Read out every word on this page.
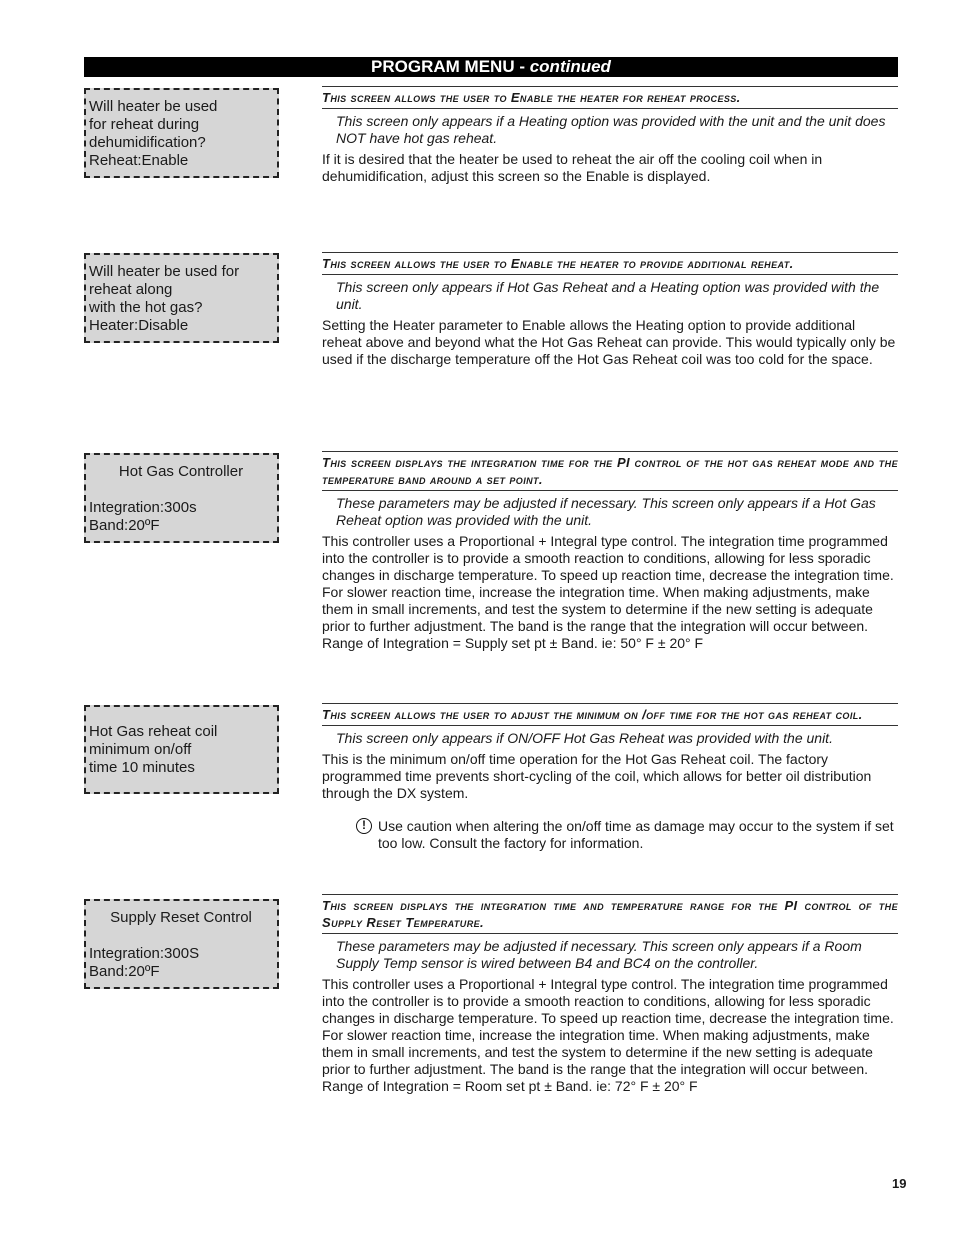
PROGRAM MENU - continued
Will heater be used
for reheat during
dehumidification?
Reheat:Enable
Will heater be used for
reheat along
with the hot gas?
Heater:Disable
Hot Gas Controller
Integration:300s
Band:20ºF
Hot Gas reheat coil
minimum on/off
time 10 minutes
Supply Reset Control
Integration:300S
Band:20ºF
This screen allows the user to Enable the heater for reheat process.
This screen only appears if a Heating option was provided with the unit and the unit does NOT have hot gas reheat.

If it is desired that the heater be used to reheat the air off the cooling coil when in dehumidification, adjust this screen so the Enable is displayed.

This screen allows the user to Enable the heater to provide additional reheat.
This screen only appears if Hot Gas Reheat and a Heating option was provided with the unit.

Setting the Heater parameter to Enable allows the Heating option to provide additional reheat above and beyond what the Hot Gas Reheat can provide. This would typically only be used if the discharge temperature off the Hot Gas Reheat coil was too cold for the space.

This screen displays the integration time for the PI control of the hot gas reheat mode and the temperature band around a set point.
These parameters may be adjusted if necessary. This screen only appears if a Hot Gas Reheat option was provided with the unit.

This controller uses a Proportional + Integral type control. The integration time programmed into the controller is to provide a smooth reaction to conditions, allowing for less sporadic changes in discharge temperature. To speed up reaction time, decrease the integration time. For slower reaction time, increase the integration time. When making adjustments, make them in small increments, and test the system to determine if the new setting is adequate prior to further adjustment. The band is the range that the integration will occur between.

Range of Integration = Supply set pt ± Band. ie: 50° F ± 20° F

This screen allows the user to adjust the minimum on /off time for the hot gas reheat coil.
This screen only appears if ON/OFF Hot Gas Reheat was provided with the unit.

This is the minimum on/off time operation for the Hot Gas Reheat coil. The factory programmed time prevents short-cycling of the coil, which allows for better oil distribution through the DX system.

! Use caution when altering the on/off time as damage may occur to the system if set too low. Consult the factory for information.
This screen displays the integration time and temperature range for the PI control of the Supply Reset Temperature.
These parameters may be adjusted if necessary. This screen only appears if a Room Supply Temp sensor is wired between B4 and BC4 on the controller.

This controller uses a Proportional + Integral type control. The integration time programmed into the controller is to provide a smooth reaction to conditions, allowing for less sporadic changes in discharge temperature. To speed up reaction time, decrease the integration time. For slower reaction time, increase the integration time. When making adjustments, make them in small increments, and test the system to determine if the new setting is adequate prior to further adjustment. The band is the range that the integration will occur between.

Range of Integration = Room set pt ± Band. ie: 72° F ± 20° F

19
